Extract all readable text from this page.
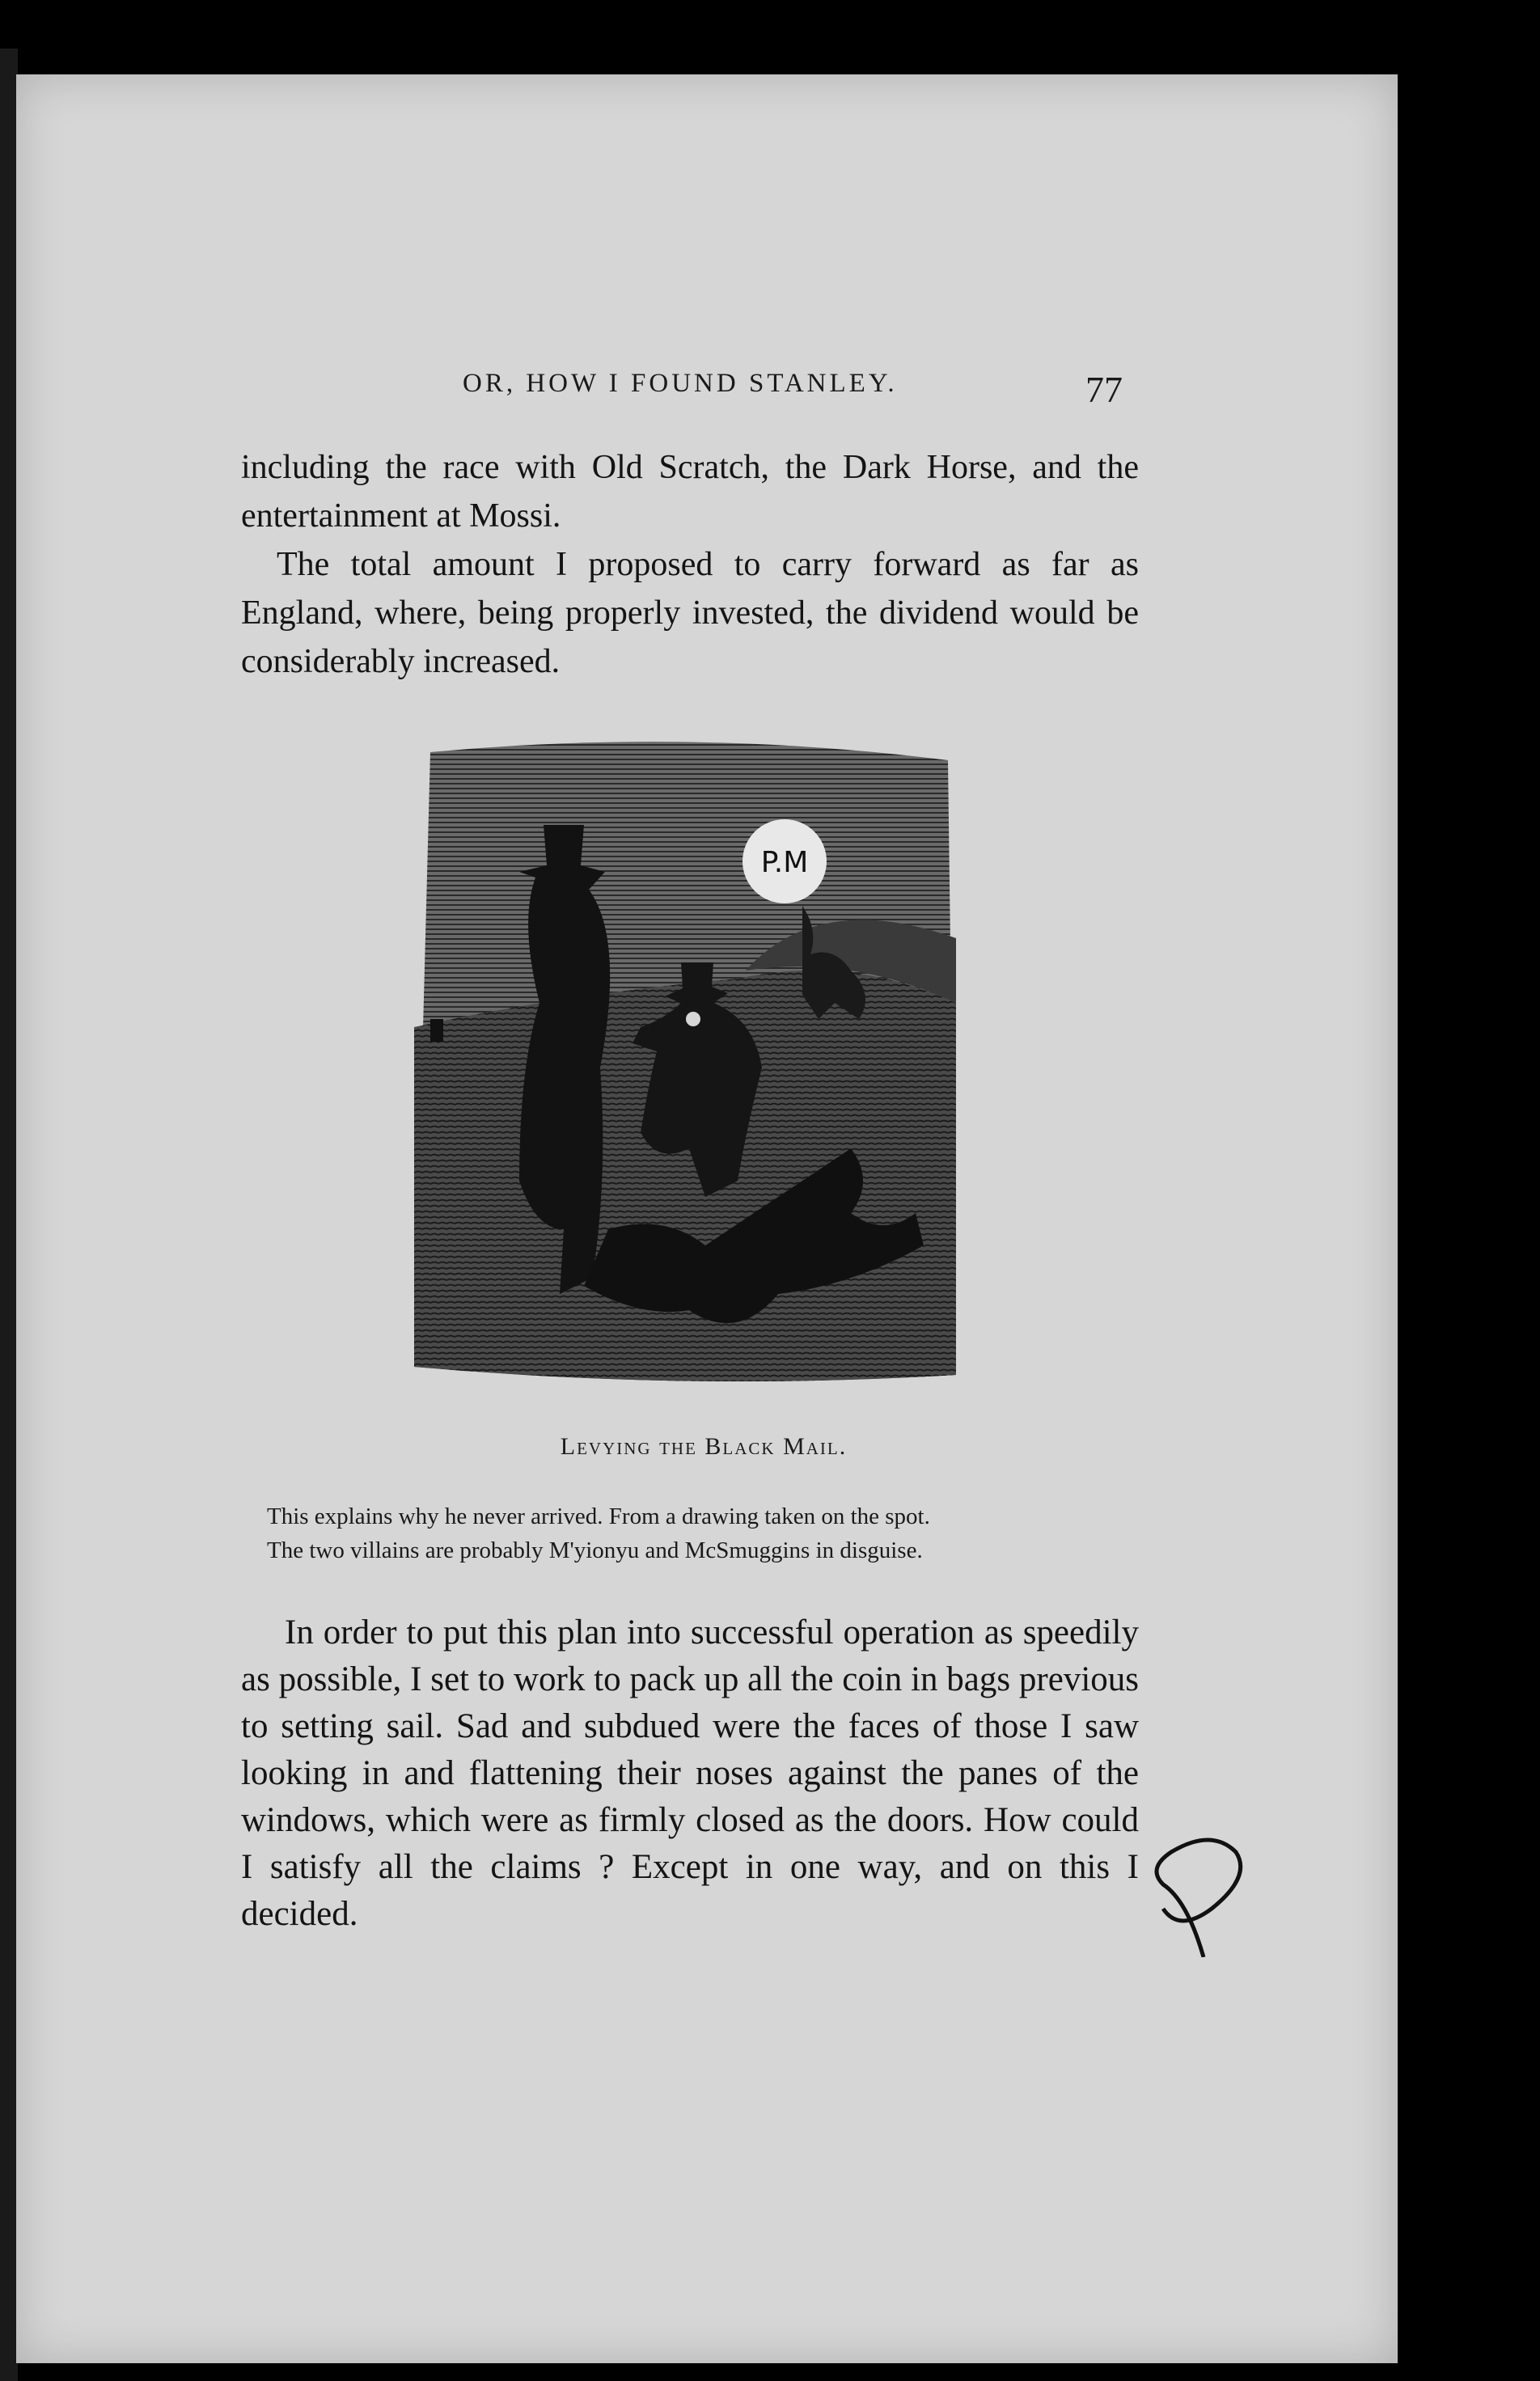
OR, HOW I FOUND STANLEY.	77
including the race with Old Scratch, the Dark Horse, and the entertainment at Mossi.
The total amount I proposed to carry forward as far as England, where, being properly invested, the dividend would be considerably increased.
P.M
Levying the Black Mail.
This explains why he never arrived. From a drawing taken on the spot.
The two villains are probably M'yionyu and McSmuggins in disguise.
In order to put this plan into successful operation as speedily as possible, I set to work to pack up all the coin in bags previous to setting sail. Sad and subdued were the faces of those I saw looking in and flattening their noses against the panes of the windows, which were as firmly closed as the doors. How could I satisfy all the claims ? Except in one way, and on this I decided.
